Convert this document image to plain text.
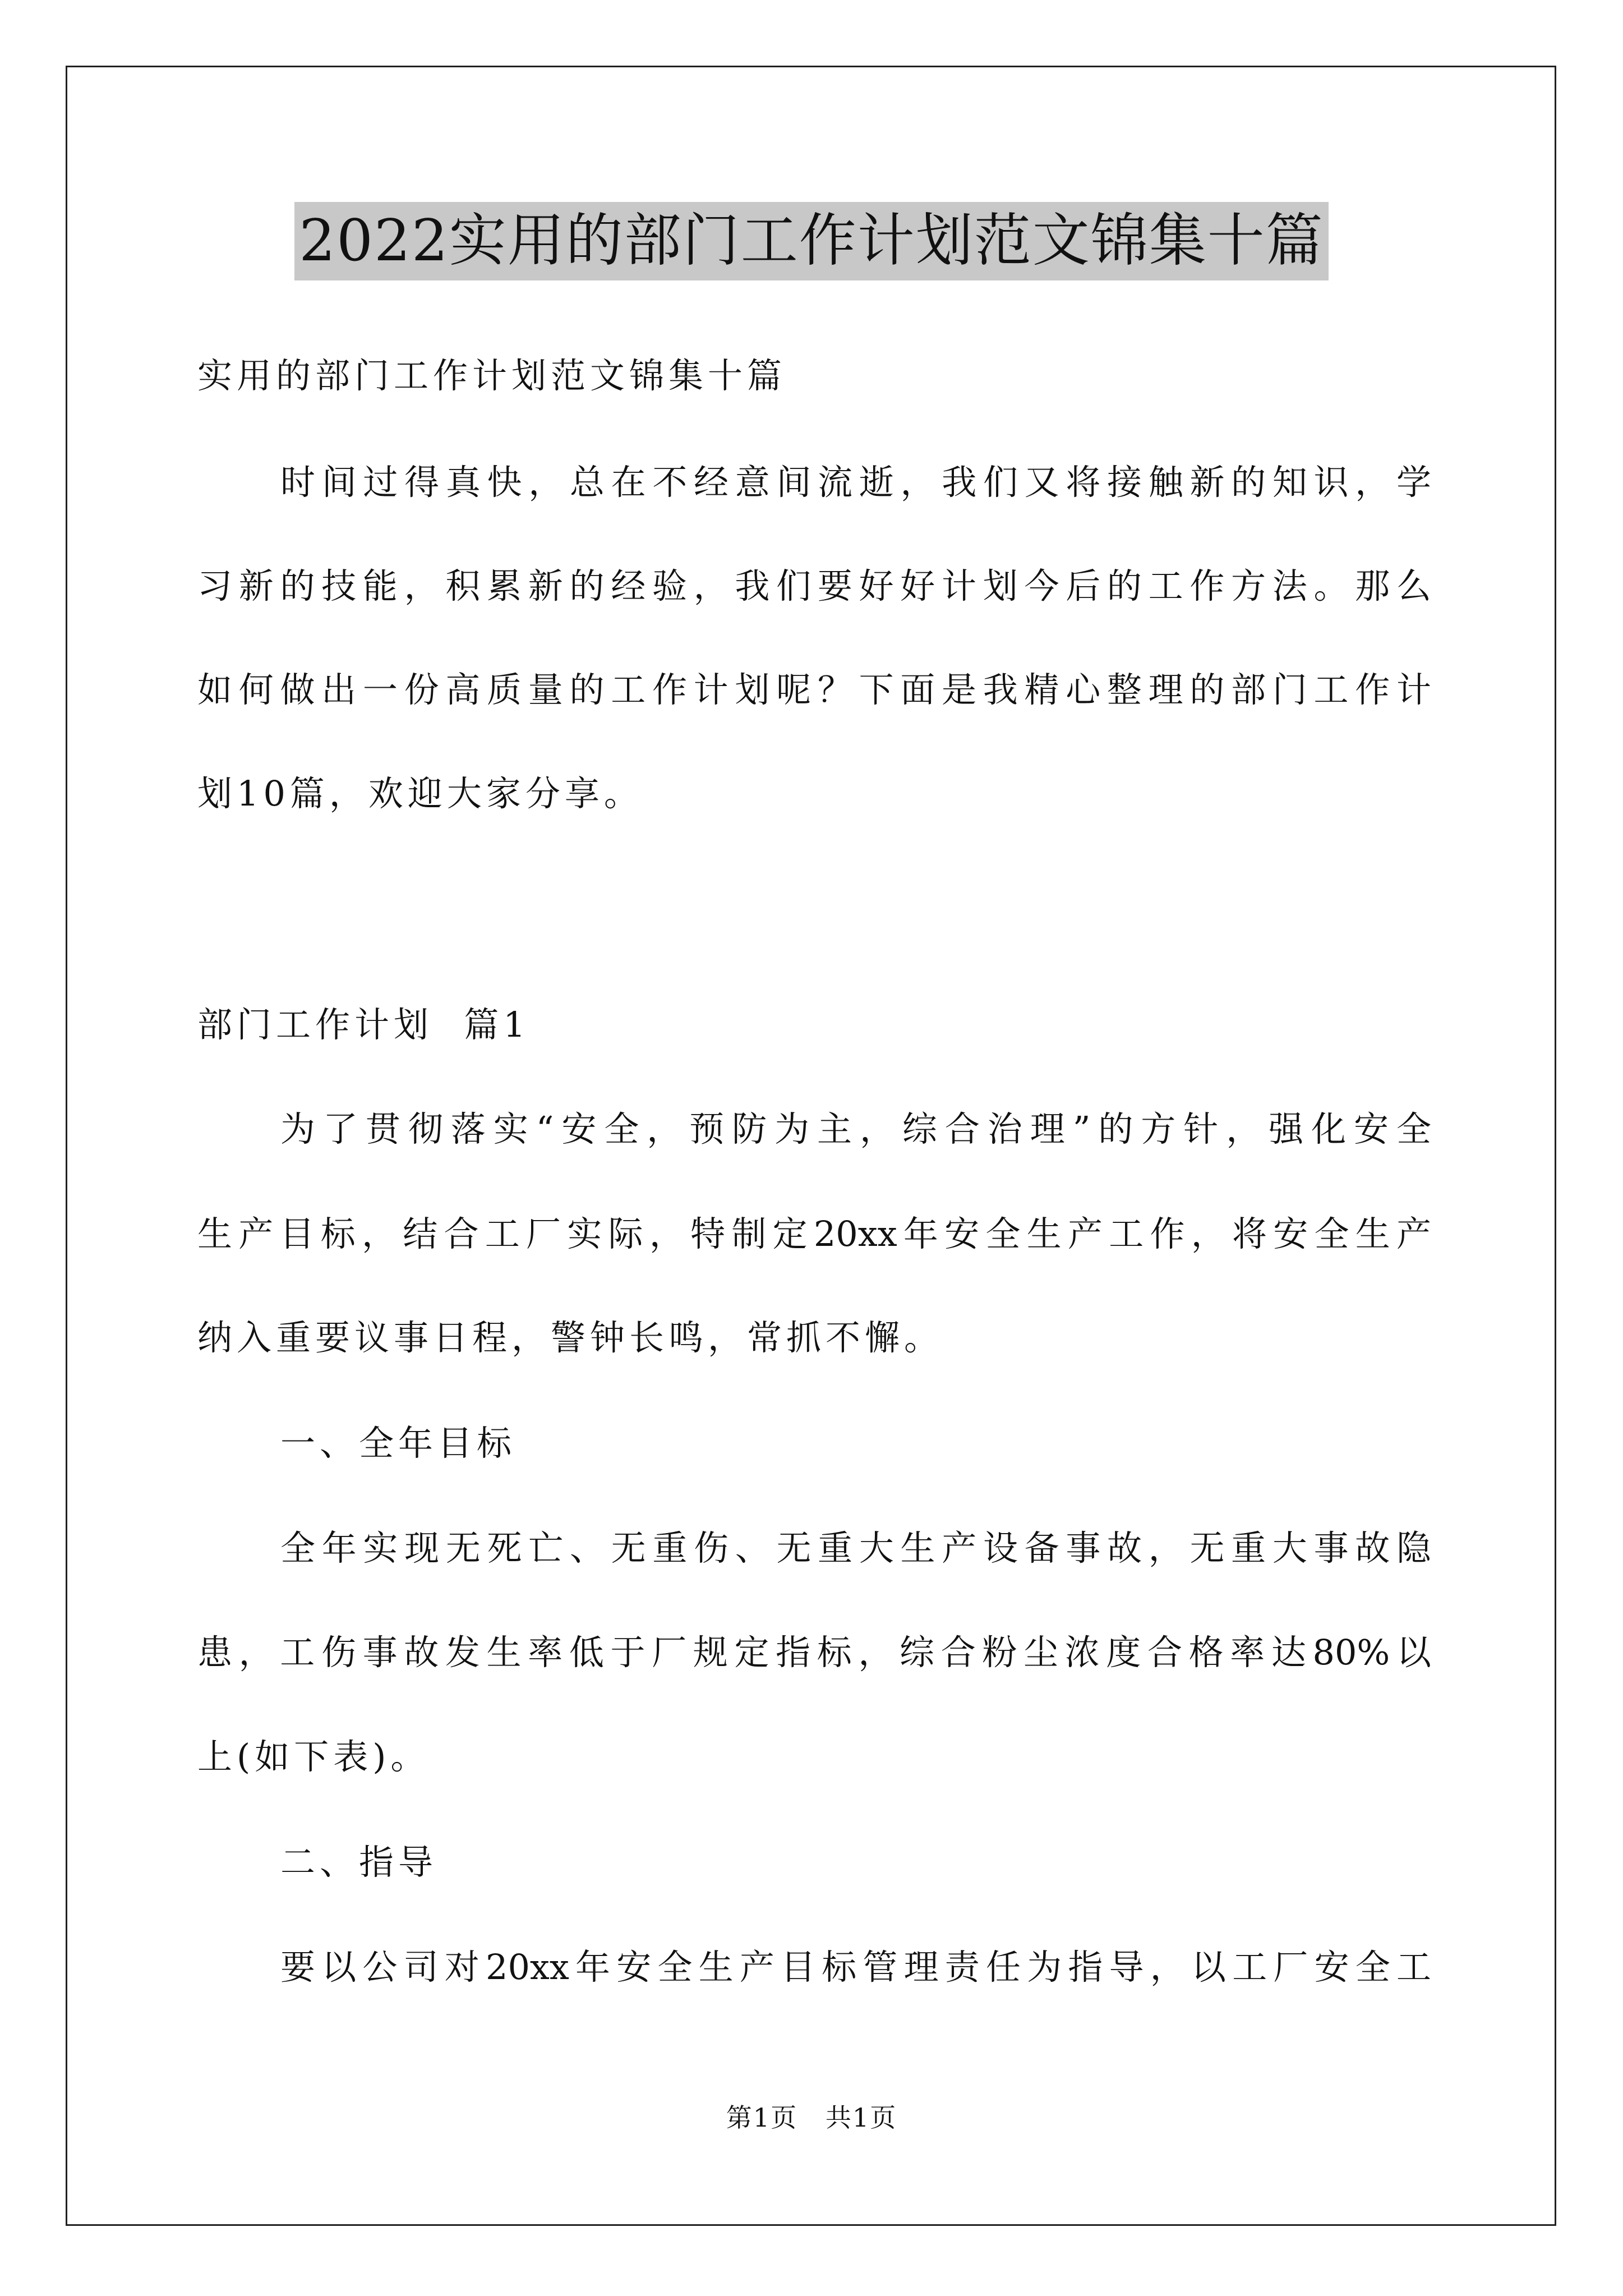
2022实用的部门工作计划范文锦集十篇
实用的部门工作计划范文锦集十篇
时间过得真快，总在不经意间流逝，我们又将接触新的知识，学
习新的技能，积累新的经验，我们要好好计划今后的工作方法。那么
如何做出一份高质量的工作计划呢？下面是我精心整理的部门工作计
划10篇，欢迎大家分享。
部门工作计划  篇1
为了贯彻落实“安全，预防为主，综合治理”的方针，强化安全
生产目标，结合工厂实际，特制定20xx年安全生产工作，将安全生产
纳入重要议事日程，警钟长鸣，常抓不懈。
一、全年目标
全年实现无死亡、无重伤、无重大生产设备事故，无重大事故隐
患，工伤事故发生率低于厂规定指标，综合粉尘浓度合格率达80%以
上(如下表)。
二、指导
要以公司对20xx年安全生产目标管理责任为指导，以工厂安全工
第1页   共1页
